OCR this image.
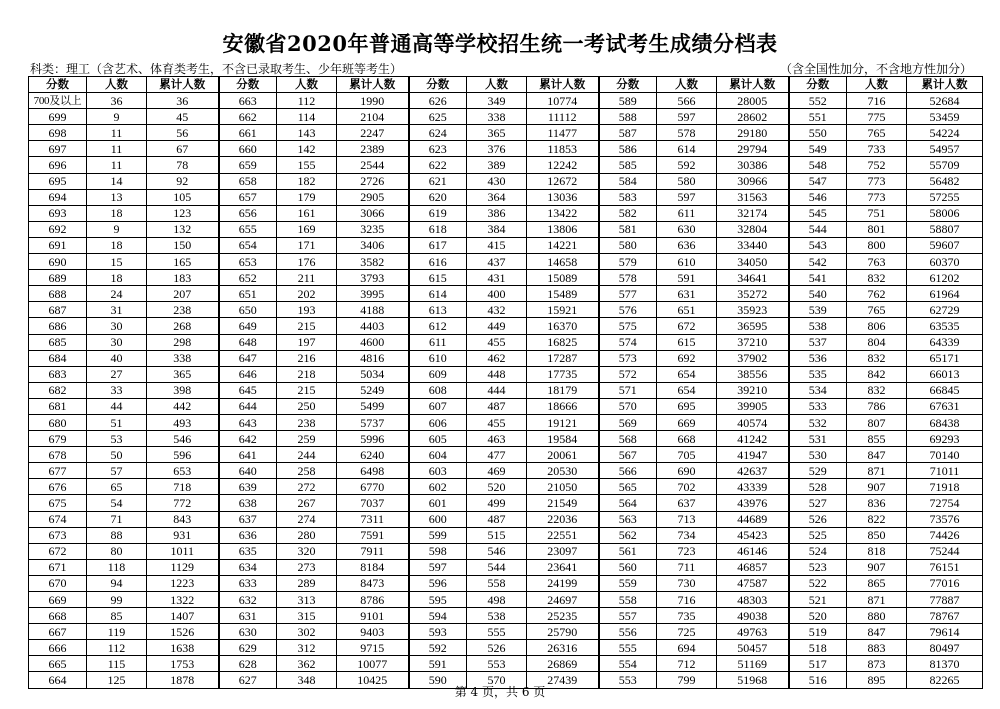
安徽省2020年普通高等学校招生统一考试考生成绩分档表
科类：理工（含艺术、体育类考生，不含已录取考生、少年班等考生）	（含全国性加分，不含地方性加分）
分数	人数	累计人数	分数	人数	累计人数	分数	人数	累计人数	分数	人数	累计人数	分数	人数	累计人数
700及以上	36	36	663	112	1990	626	349	10774	589	566	28005	552	716	52684
699	9	45	662	114	2104	625	338	11112	588	597	28602	551	775	53459
698	11	56	661	143	2247	624	365	11477	587	578	29180	550	765	54224
697	11	67	660	142	2389	623	376	11853	586	614	29794	549	733	54957
696	11	78	659	155	2544	622	389	12242	585	592	30386	548	752	55709
695	14	92	658	182	2726	621	430	12672	584	580	30966	547	773	56482
694	13	105	657	179	2905	620	364	13036	583	597	31563	546	773	57255
693	18	123	656	161	3066	619	386	13422	582	611	32174	545	751	58006
692	9	132	655	169	3235	618	384	13806	581	630	32804	544	801	58807
691	18	150	654	171	3406	617	415	14221	580	636	33440	543	800	59607
690	15	165	653	176	3582	616	437	14658	579	610	34050	542	763	60370
689	18	183	652	211	3793	615	431	15089	578	591	34641	541	832	61202
688	24	207	651	202	3995	614	400	15489	577	631	35272	540	762	61964
687	31	238	650	193	4188	613	432	15921	576	651	35923	539	765	62729
686	30	268	649	215	4403	612	449	16370	575	672	36595	538	806	63535
685	30	298	648	197	4600	611	455	16825	574	615	37210	537	804	64339
684	40	338	647	216	4816	610	462	17287	573	692	37902	536	832	65171
683	27	365	646	218	5034	609	448	17735	572	654	38556	535	842	66013
682	33	398	645	215	5249	608	444	18179	571	654	39210	534	832	66845
681	44	442	644	250	5499	607	487	18666	570	695	39905	533	786	67631
680	51	493	643	238	5737	606	455	19121	569	669	40574	532	807	68438
679	53	546	642	259	5996	605	463	19584	568	668	41242	531	855	69293
678	50	596	641	244	6240	604	477	20061	567	705	41947	530	847	70140
677	57	653	640	258	6498	603	469	20530	566	690	42637	529	871	71011
676	65	718	639	272	6770	602	520	21050	565	702	43339	528	907	71918
675	54	772	638	267	7037	601	499	21549	564	637	43976	527	836	72754
674	71	843	637	274	7311	600	487	22036	563	713	44689	526	822	73576
673	88	931	636	280	7591	599	515	22551	562	734	45423	525	850	74426
672	80	1011	635	320	7911	598	546	23097	561	723	46146	524	818	75244
671	118	1129	634	273	8184	597	544	23641	560	711	46857	523	907	76151
670	94	1223	633	289	8473	596	558	24199	559	730	47587	522	865	77016
669	99	1322	632	313	8786	595	498	24697	558	716	48303	521	871	77887
668	85	1407	631	315	9101	594	538	25235	557	735	49038	520	880	78767
667	119	1526	630	302	9403	593	555	25790	556	725	49763	519	847	79614
666	112	1638	629	312	9715	592	526	26316	555	694	50457	518	883	80497
665	115	1753	628	362	10077	591	553	26869	554	712	51169	517	873	81370
664	125	1878	627	348	10425	590	570	27439	553	799	51968	516	895	82265
第 4 页，共 6 页
